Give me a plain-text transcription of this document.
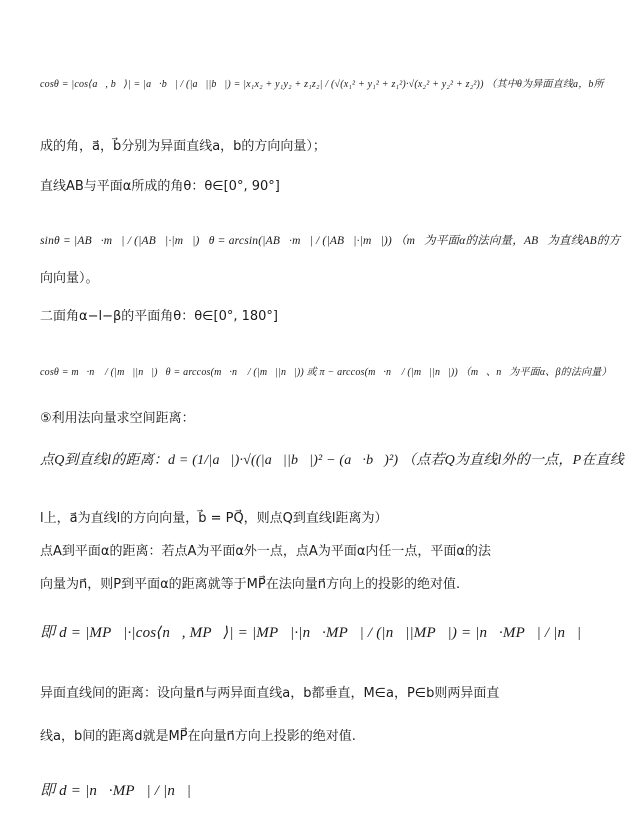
cosθ = |cos⟨a⃗, b⃗⟩| = |a⃗·b⃗| / (|a⃗||b⃗|) = |x₁x₂ + y₁y₂ + z₁z₂| / (√(x₁² + y₁² + z₁²)·√(x₂² + y₂² + z₂²)) （其中θ为异面直线a，b所
成的角，a⃗，b⃗分别为异面直线a，b的方向向量）；
直线AB与平面α所成的角θ：θ∈[0°, 90°]
sinθ = |AB⃗·m⃗| / (|AB⃗|·|m⃗|)，θ = arcsin(|AB⃗·m⃗| / (|AB⃗|·|m⃗|)) （m⃗为平面α的法向量，AB⃗为直线AB的方
向向量）。
二面角α−l−β的平面角θ：θ∈[0°, 180°]
cosθ = m⃗·n⃗ / (|m⃗||n⃗|)，θ = arccos(m⃗·n⃗ / (|m⃗||n⃗|)) 或 π − arccos(m⃗·n⃗ / (|m⃗||n⃗|)) （m⃗、n⃗为平面α、β的法向量）
⑤利用法向量求空间距离：
点Q到直线l的距离：d = (1/|a⃗|)·√((|a⃗||b⃗|)² − (a⃗·b⃗)²) （点若Q为直线l外的一点，P在直线
l上，a⃗为直线l的方向向量，b⃗ = PQ⃗，则点Q到直线l距离为）
点A到平面α的距离：若点A为平面α外一点，点A为平面α内任一点，平面α的法
向量为n⃗，则P到平面α的距离就等于MP⃗在法向量n⃗方向上的投影的绝对值.
即 d = |MP⃗|·|cos⟨n⃗, MP⃗⟩| = |MP⃗|·|n⃗·MP⃗| / (|n⃗||MP⃗|) = |n⃗·MP⃗| / |n⃗|
异面直线间的距离：设向量n⃗与两异面直线a，b都垂直，M∈a，P∈b则两异面直
线a，b间的距离d就是MP⃗在向量n⃗方向上投影的绝对值.
即 d = |n⃗·MP⃗| / |n⃗|
